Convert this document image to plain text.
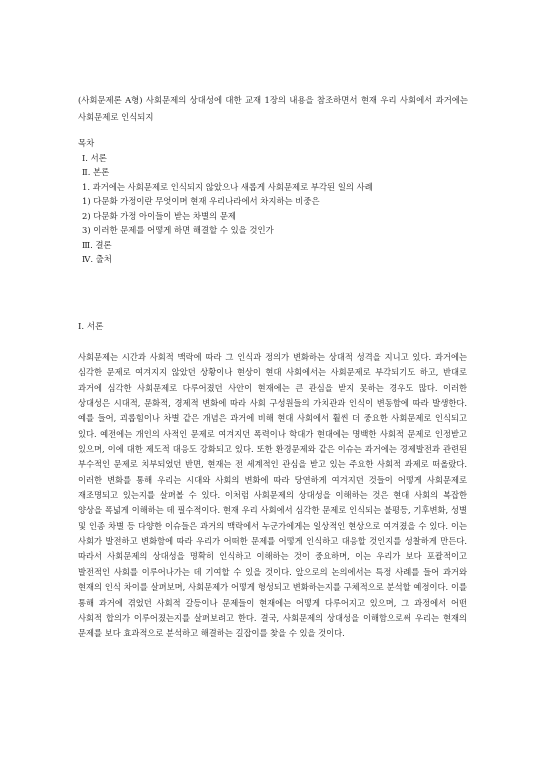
(사회문제론 A형) 사회문제의 상대성에 대한 교재 1장의 내용을 참조하면서 현재 우리 사회에서 과거에는 사회문제로 인식되지

목차
Ⅰ. 서론
Ⅱ. 본론
1. 과거에는 사회문제로 인식되지 않았으나 새롭게 사회문제로 부각된 일의 사례
1) 다문화 가정이란 무엇이며 현재 우리나라에서 차지하는 비중은
2) 다문화 가정 아이들이 받는 차별의 문제
3) 이러한 문제를 어떻게 하면 해결할 수 있을 것인가
Ⅲ. 결론
Ⅳ. 출처
Ⅰ. 서론

사회문제는 시간과 사회적 맥락에 따라 그 인식과 정의가 변화하는 상대적 성격을 지니고 있다. 과거에는 심각한 문제로 여겨지지 않았던 상황이나 현상이 현대 사회에서는 사회문제로 부각되기도 하고, 반대로 과거에 심각한 사회문제로 다루어졌던 사안이 현재에는 큰 관심을 받지 못하는 경우도 많다. 이러한 상대성은 시대적, 문화적, 경제적 변화에 따라 사회 구성원들의 가치관과 인식이 변동함에 따라 발생한다. 예를 들어, 괴롭힘이나 차별 같은 개념은 과거에 비해 현대 사회에서 훨씬 더 중요한 사회문제로 인식되고 있다. 예전에는 개인의 사적인 문제로 여겨지던 폭력이나 학대가 현대에는 명백한 사회적 문제로 인정받고 있으며, 이에 대한 제도적 대응도 강화되고 있다. 또한 환경문제와 같은 이슈는 과거에는 경제발전과 관련된 부수적인 문제로 치부되었던 반면, 현재는 전 세계적인 관심을 받고 있는 주요한 사회적 과제로 떠올랐다. 이러한 변화를 통해 우리는 시대와 사회의 변화에 따라 당연하게 여겨지던 것들이 어떻게 사회문제로 재조명되고 있는지를 살펴볼 수 있다. 이처럼 사회문제의 상대성을 이해하는 것은 현대 사회의 복잡한 양상을 폭넓게 이해하는 데 필수적이다. 현재 우리 사회에서 심각한 문제로 인식되는 불평등, 기후변화, 성별 및 인종 차별 등 다양한 이슈들은 과거의 맥락에서 누군가에게는 일상적인 현상으로 여겨졌을 수 있다. 이는 사회가 발전하고 변화함에 따라 우리가 어떠한 문제를 어떻게 인식하고 대응할 것인지를 성찰하게 만든다. 따라서 사회문제의 상대성을 명확히 인식하고 이해하는 것이 중요하며, 이는 우리가 보다 포괄적이고 발전적인 사회를 이루어나가는 데 기여할 수 있을 것이다. 앞으로의 논의에서는 특정 사례를 들어 과거와 현재의 인식 차이를 살펴보며, 사회문제가 어떻게 형성되고 변화하는지를 구체적으로 분석할 예정이다. 이를 통해 과거에 겪었던 사회적 갈등이나 문제들이 현재에는 어떻게 다루어지고 있으며, 그 과정에서 어떤 사회적 합의가 이루어졌는지를 살펴보려고 한다. 결국, 사회문제의 상대성을 이해함으로써 우리는 현재의 문제를 보다 효과적으로 분석하고 해결하는 길잡이를 찾을 수 있을 것이다.
